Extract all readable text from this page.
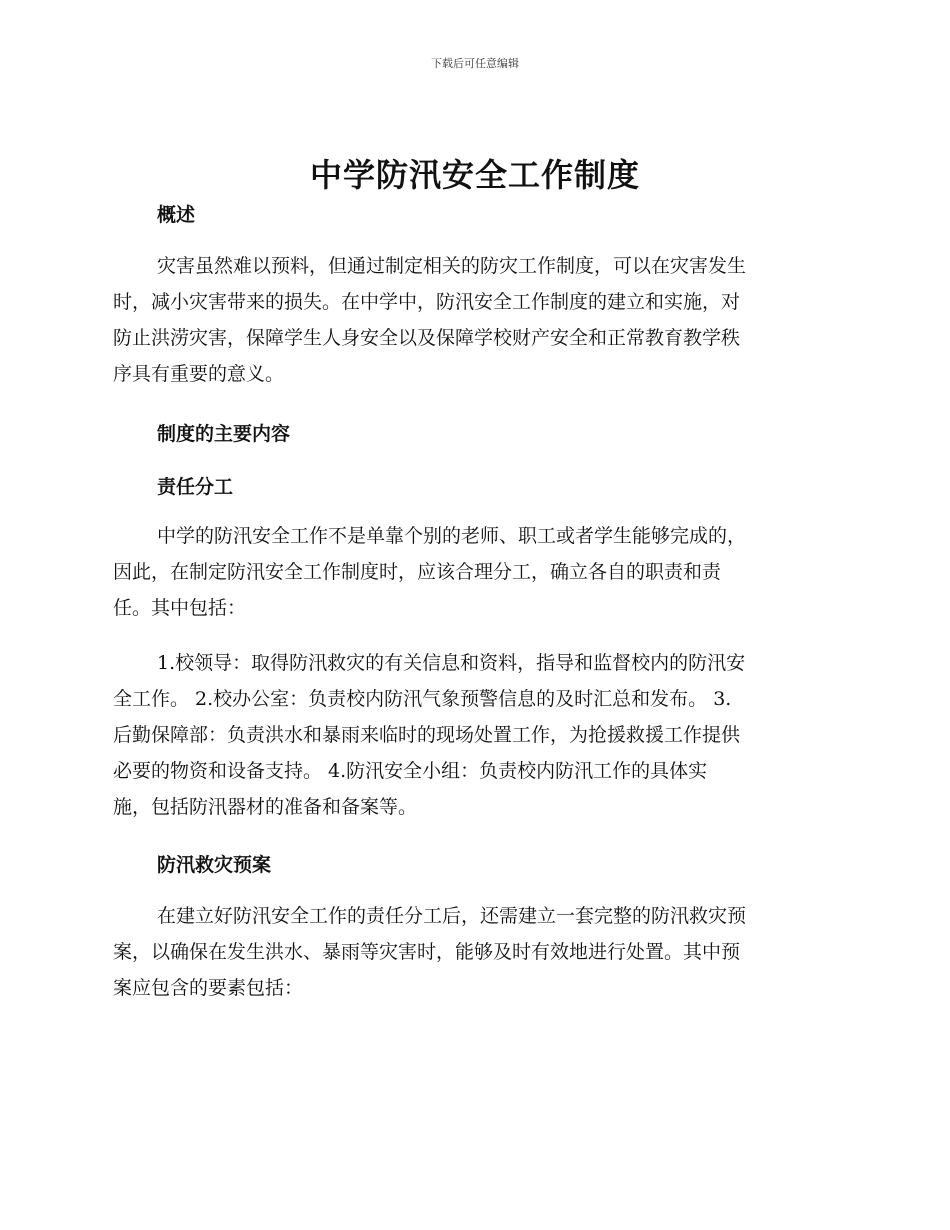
下载后可任意编辑
中学防汛安全工作制度
概述
灾害虽然难以预料，但通过制定相关的防灾工作制度，可以在灾害发生
时，减小灾害带来的损失。在中学中，防汛安全工作制度的建立和实施，对
防止洪涝灾害，保障学生人身安全以及保障学校财产安全和正常教育教学秩
序具有重要的意义。
制度的主要内容
责任分工
中学的防汛安全工作不是单靠个别的老师、职工或者学生能够完成的，
因此，在制定防汛安全工作制度时，应该合理分工，确立各自的职责和责
任。其中包括：
1.校领导：取得防汛救灾的有关信息和资料，指导和监督校内的防汛安
全工作。 2.校办公室：负责校内防汛气象预警信息的及时汇总和发布。 3.
后勤保障部：负责洪水和暴雨来临时的现场处置工作，为抢援救援工作提供
必要的物资和设备支持。 4.防汛安全小组：负责校内防汛工作的具体实
施，包括防汛器材的准备和备案等。
防汛救灾预案
在建立好防汛安全工作的责任分工后，还需建立一套完整的防汛救灾预
案，以确保在发生洪水、暴雨等灾害时，能够及时有效地进行处置。其中预
案应包含的要素包括：
